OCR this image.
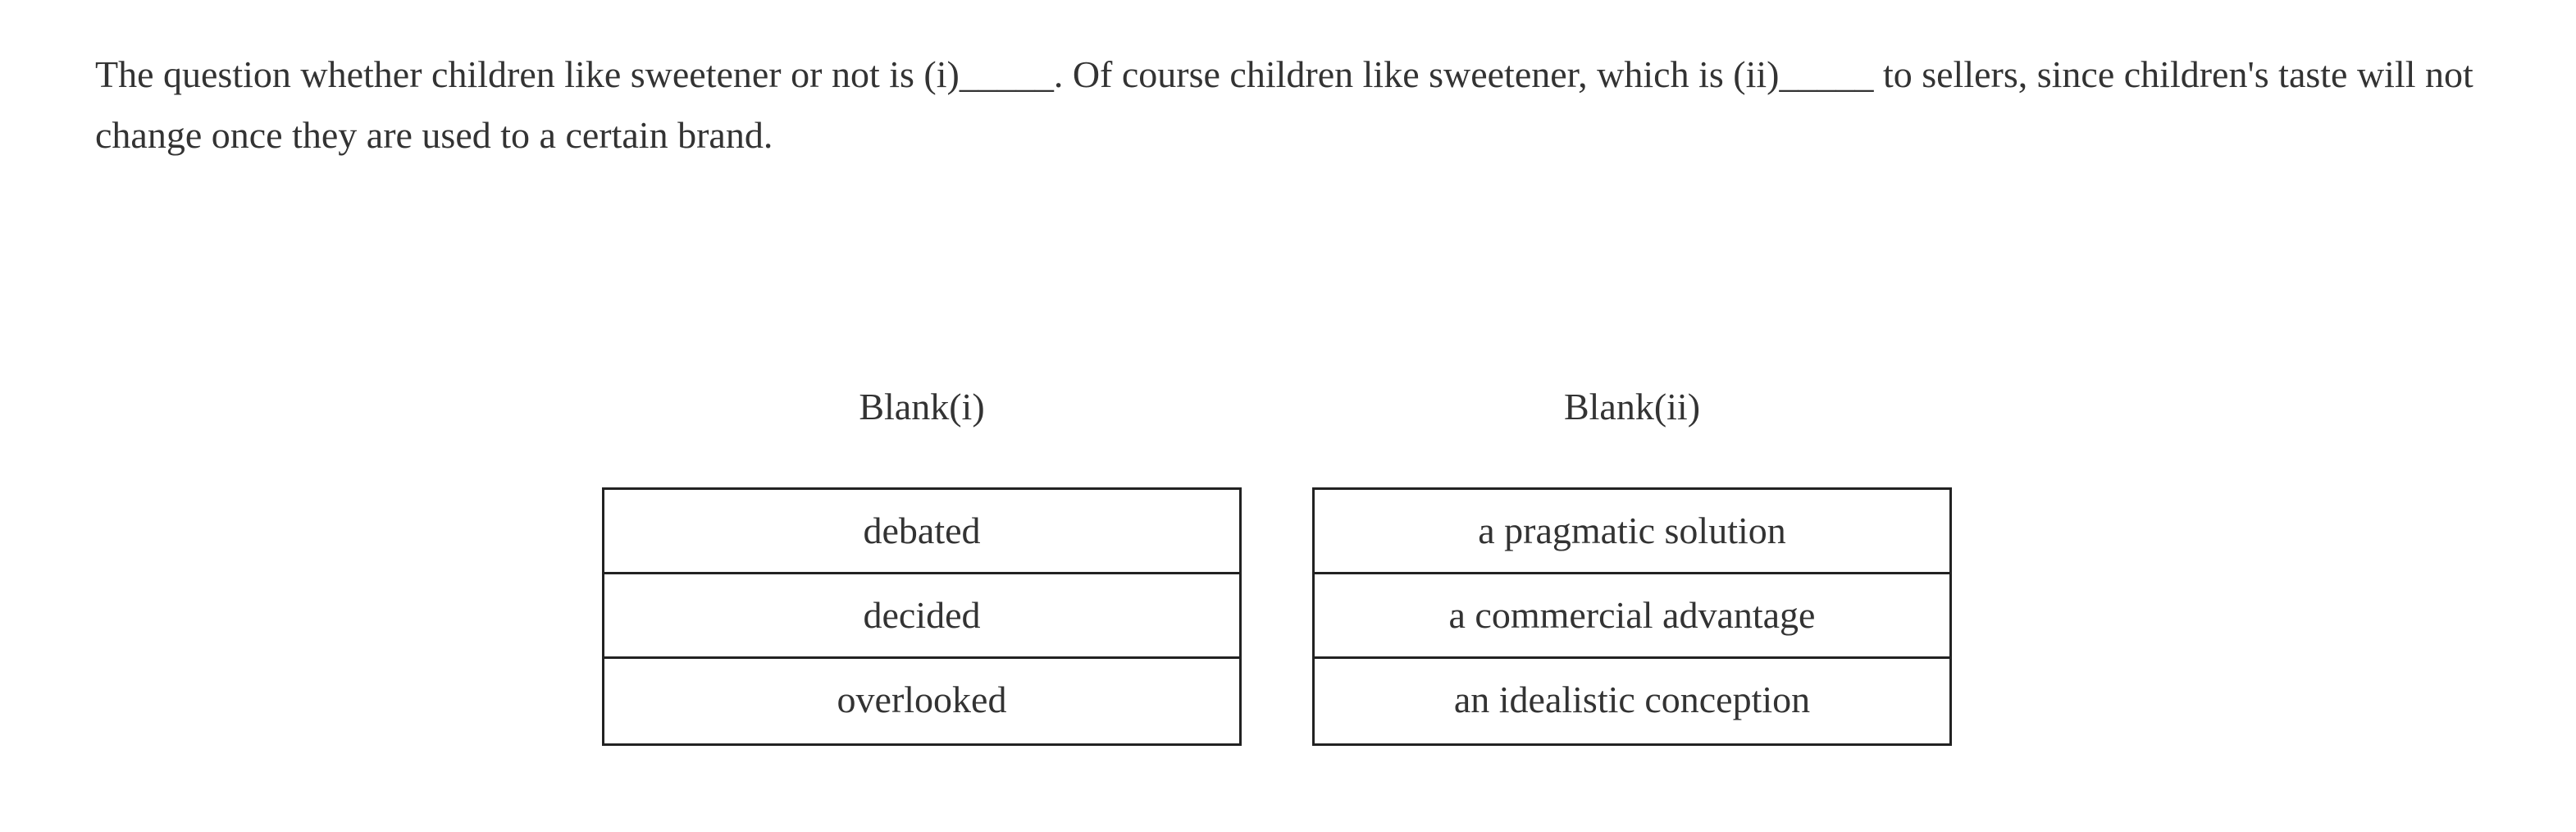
The question whether children like sweetener or not is (i)_____. Of course children like sweetener, which is (ii)_____ to sellers, since children's taste will not change once they are used to a certain brand.

Blank(i)
debated
decided
overlooked
Blank(ii)
a pragmatic solution
a commercial advantage
an idealistic conception
